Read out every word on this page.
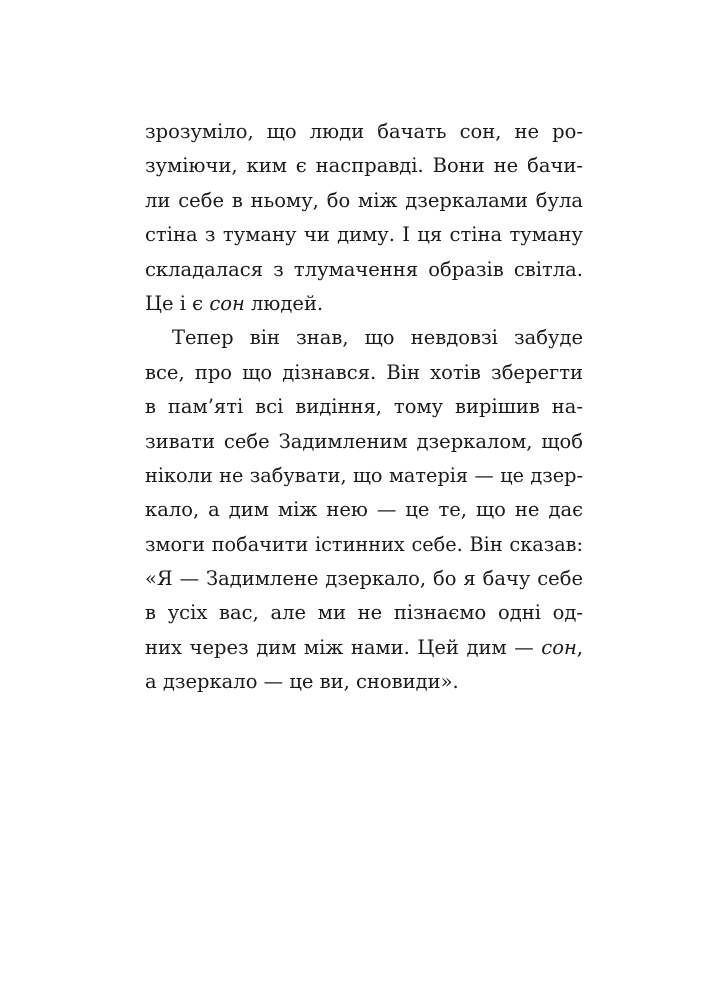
зрозуміло, що люди бачать сон, не ро-
зуміючи, ким є насправді. Вони не бачи-
ли себе в ньому, бо між дзеркалами була
стіна з туману чи диму. І ця стіна туману
складалася з тлумачення образів світла.
Це і є сон людей.
Тепер він знав, що невдовзі забуде
все, про що дізнався. Він хотів зберегти
в пам’яті всі видіння, тому вирішив на-
зивати себе Задимленим дзеркалом, щоб
ніколи не забувати, що матерія — це дзер-
кало, а дим між нею — це те, що не дає
змоги побачити істинних себе. Він сказав:
«Я — Задимлене дзеркало, бо я бачу себе
в усіх вас, але ми не пізнаємо одні од-
них через дим між нами. Цей дим — сон,
а дзеркало — це ви, сновиди».
